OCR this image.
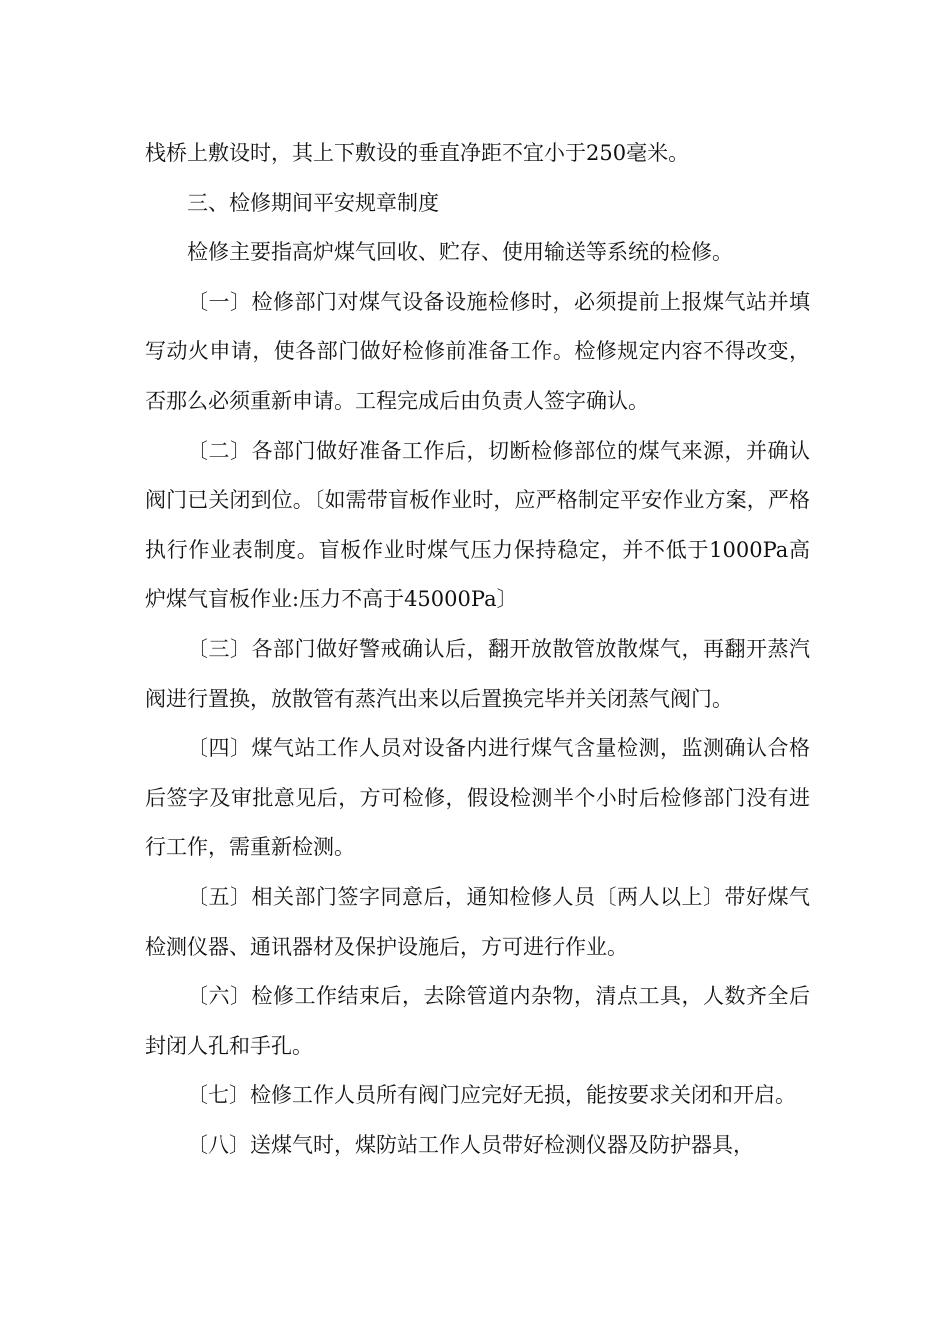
栈桥上敷设时，其上下敷设的垂直净距不宜小于250毫米。

三、检修期间平安规章制度

检修主要指高炉煤气回收、贮存、使用输送等系统的检修。

〔一〕检修部门对煤气设备设施检修时，必须提前上报煤气站并填写动火申请，使各部门做好检修前准备工作。检修规定内容不得改变，否那么必须重新申请。工程完成后由负责人签字确认。

〔二〕各部门做好准备工作后，切断检修部位的煤气来源，并确认阀门已关闭到位。〔如需带盲板作业时，应严格制定平安作业方案，严格执行作业表制度。盲板作业时煤气压力保持稳定，并不低于1000Pa高炉煤气盲板作业:压力不高于45000Pa〕

〔三〕各部门做好警戒确认后，翻开放散管放散煤气，再翻开蒸汽阀进行置换，放散管有蒸汽出来以后置换完毕并关闭蒸气阀门。

〔四〕煤气站工作人员对设备内进行煤气含量检测，监测确认合格后签字及审批意见后，方可检修，假设检测半个小时后检修部门没有进行工作，需重新检测。

〔五〕相关部门签字同意后，通知检修人员〔两人以上〕带好煤气检测仪器、通讯器材及保护设施后，方可进行作业。

〔六〕检修工作结束后，去除管道内杂物，清点工具，人数齐全后封闭人孔和手孔。

〔七〕检修工作人员所有阀门应完好无损，能按要求关闭和开启。

〔八〕送煤气时，煤防站工作人员带好检测仪器及防护器具，
